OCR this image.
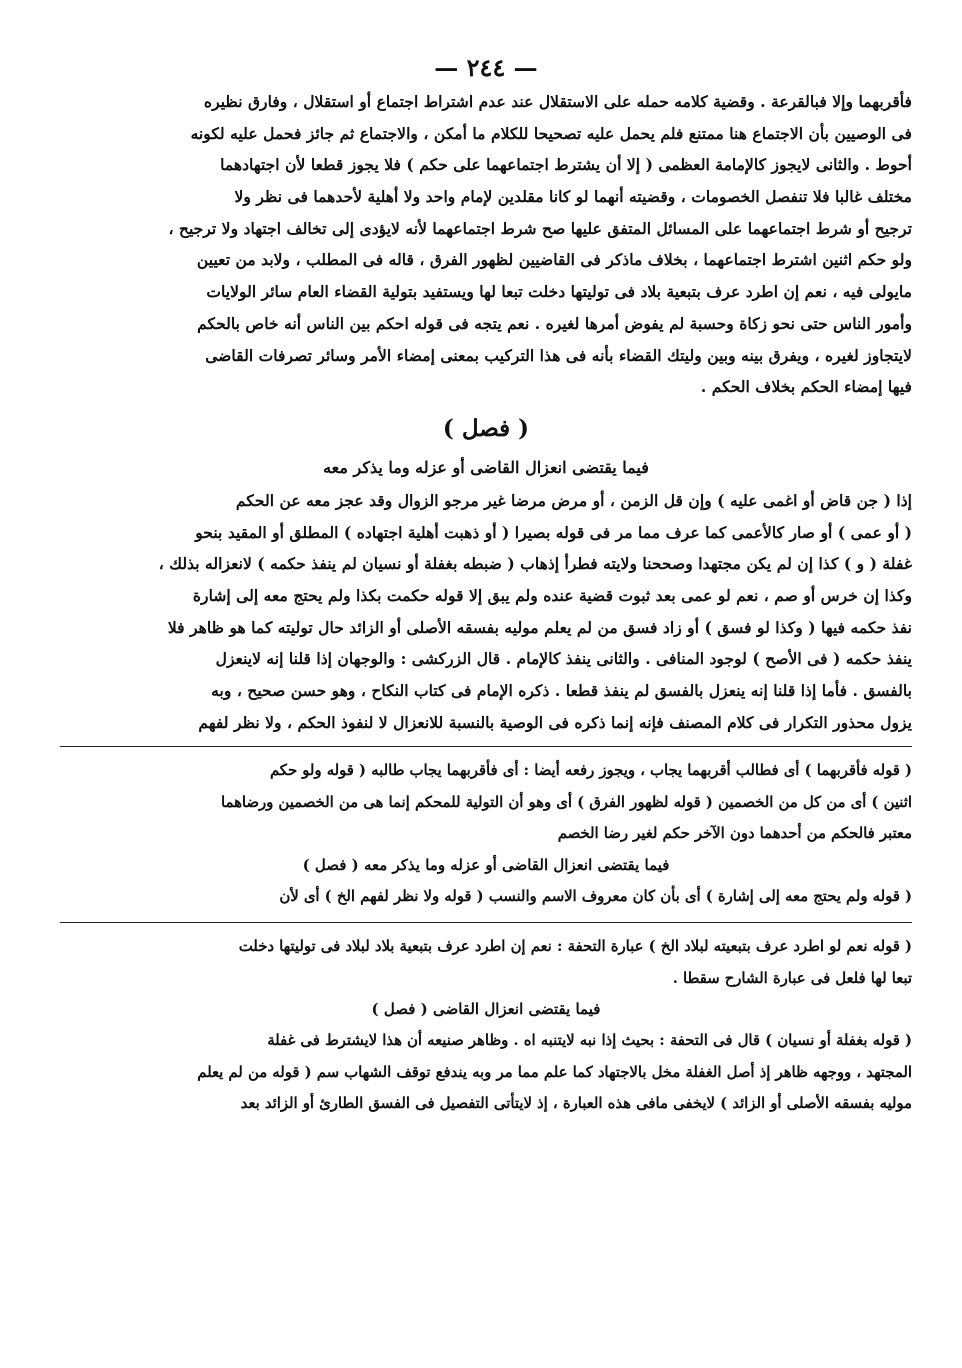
— ٢٤٤ —
فأقربهما وإلا فبالقرعة . وقضية كلامه حمله على الاستقلال عند عدم اشتراط اجتماع أو استقلال ، وفارق نظيره
فى الوصيين بأن الاجتماع هنا ممتنع فلم يحمل عليه تصحيحا للكلام ما أمكن ، والاجتماع ثم جائز فحمل عليه لكونه
أحوط . والثانى لايجوز كالإمامة العظمى ( إلا أن يشترط اجتماعهما على حكم ) فلا يجوز قطعا لأن اجتهادهما
مختلف غالبا فلا تنفصل الخصومات ، وقضيته أنهما لو كانا مقلدين لإمام واحد ولا أهلية لأحدهما فى نظر ولا
ترجيح أو شرط اجتماعهما على المسائل المتفق عليها صح شرط اجتماعهما لأنه لايؤدى إلى تخالف اجتهاد ولا ترجيح ،
ولو حكم اثنين اشترط اجتماعهما ، بخلاف ماذكر فى القاضيين لظهور الفرق ، قاله فى المطلب ، ولابد من تعيين
مايولى فيه ، نعم إن اطرد عرف بتبعية بلاد فى توليتها دخلت تبعا لها ويستفيد بتولية القضاء العام سائر الولايات
وأمور الناس حتى نحو زكاة وحسبة لم يفوض أمرها لغيره . نعم يتجه فى قوله احكم بين الناس أنه خاص بالحكم
لايتجاوز لغيره ، ويفرق بينه وبين وليتك القضاء بأنه فى هذا التركيب بمعنى إمضاء الأمر وسائر تصرفات القاضى
فيها إمضاء الحكم بخلاف الحكم .
( فصل )
فيما يقتضى انعزال القاضى أو عزله وما يذكر معه
إذا ( جن قاض أو اغمى عليه ) وإن قل الزمن ، أو مرض مرضا غير مرجو الزوال وقد عجز معه عن الحكم
( أو عمى ) أو صار كالأعمى كما عرف مما مر فى قوله بصيرا ( أو ذهبت أهلية اجتهاده ) المطلق أو المقيد بنحو
غفلة ( و ) كذا إن لم يكن مجتهدا وصححنا ولايته فطرأ إذهاب ( ضبطه بغفلة أو نسيان لم ينفذ حكمه ) لانعزاله بذلك ،
وكذا إن خرس أو صم ، نعم لو عمى بعد ثبوت قضية عنده ولم يبق إلا قوله حكمت بكذا ولم يحتج معه إلى إشارة
نفذ حكمه فيها ( وكذا لو فسق ) أو زاد فسق من لم يعلم موليه بفسقه الأصلى أو الزائد حال توليته كما هو ظاهر فلا
ينفذ حكمه ( فى الأصح ) لوجود المنافى . والثانى ينفذ كالإمام . قال الزركشى : والوجهان إذا قلنا إنه لاينعزل
بالفسق . فأما إذا قلنا إنه ينعزل بالفسق لم ينفذ قطعا . ذكره الإمام فى كتاب النكاح ، وهو حسن صحيح ، وبه
يزول محذور التكرار فى كلام المصنف فإنه إنما ذكره فى الوصية بالنسبة للانعزال لا لنفوذ الحكم ، ولا نظر لفهم
( قوله فأقربهما ) أى فطالب أقربهما يجاب ، ويجوز رفعه أيضا : أى فأقربهما يجاب طالبه ( قوله ولو حكم
اثنين ) أى من كل من الخصمين ( قوله لظهور الفرق ) أى وهو أن التولية للمحكم إنما هى من الخصمين ورضاهما
معتبر فالحكم من أحدهما دون الآخر حكم لغير رضا الخصم
( فصل ) فيما يقتضى انعزال القاضى أو عزله وما يذكر معه
( قوله ولم يحتج معه إلى إشارة ) أى بأن كان معروف الاسم والنسب ( قوله ولا نظر لفهم الخ ) أى لأن
( قوله نعم لو اطرد عرف بتبعيته لبلاد الخ ) عبارة التحفة : نعم إن اطرد عرف بتبعية بلاد لبلاد فى توليتها دخلت
تبعا لها فلعل فى عبارة الشارح سقطا .
( فصل ) فيما يقتضى انعزال القاضى
( قوله بغفلة أو نسيان ) قال فى التحفة : بحيث إذا نبه لايتنبه اه . وظاهر صنيعه أن هذا لايشترط فى غفلة
المجتهد ، ووجهه ظاهر إذ أصل الغفلة مخل بالاجتهاد كما علم مما مر وبه يندفع توقف الشهاب سم ( قوله من لم يعلم
موليه بفسقه الأصلى أو الزائد ) لايخفى مافى هذه العبارة ، إذ لايتأتى التفصيل فى الفسق الطارئ أو الزائد بعد
